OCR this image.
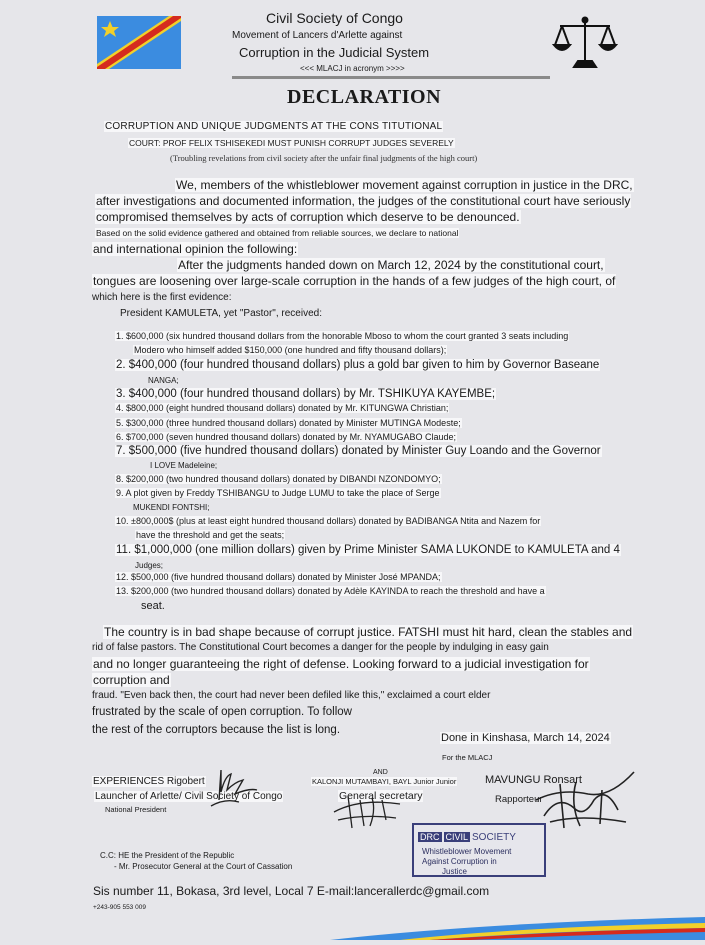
Civil Society of Congo
Movement of Lancers d'Arlette against
Corruption in the Judicial System
<<< MLACJ in acronym >>>>
DECLARATION
CORRUPTION AND UNIQUE JUDGMENTS AT THE CONS TITUTIONAL
COURT: PROF FELIX TSHISEKEDI MUST PUNISH CORRUPT JUDGES SEVERELY
(Troubling revelations from civil society after the unfair final judgments of the high court)
We, members of the whistleblower movement against corruption in justice in the DRC,
after investigations and documented information, the judges of the constitutional court have seriously
compromised themselves by acts of corruption which deserve to be denounced.
Based on the solid evidence gathered and obtained from reliable sources, we declare to national
and international opinion the following:
After the judgments handed down on March 12, 2024 by the constitutional court,
tongues are loosening over large-scale corruption in the hands of a few judges of the high court, of
which here is the first evidence:
President KAMULETA, yet "Pastor", received:
1. $600,000 (six hundred thousand dollars from the honorable Mboso to whom the court granted 3 seats including
Modero who himself added $150,000 (one hundred and fifty thousand dollars);
2. $400,000 (four hundred thousand dollars) plus a gold bar given to him by Governor Baseane
NANGA;
3. $400,000 (four hundred thousand dollars) by Mr. TSHIKUYA KAYEMBE;
4. $800,000 (eight hundred thousand dollars) donated by Mr. KITUNGWA Christian;
5. $300,000 (three hundred thousand dollars) donated by Minister MUTINGA Modeste;
6. $700,000 (seven hundred thousand dollars) donated by Mr. NYAMUGABO Claude;
7. $500,000 (five hundred thousand dollars) donated by Minister Guy Loando and the Governor
I LOVE Madeleine;
8. $200,000 (two hundred thousand dollars) donated by DIBANDI NZONDOMYO;
9. A plot given by Freddy TSHIBANGU to Judge LUMU to take the place of Serge
MUKENDI FONTSHI;
10. ±800,000$ (plus at least eight hundred thousand dollars) donated by BADIBANGA Ntita and Nazem for
have the threshold and get the seats;
11. $1,000,000 (one million dollars) given by Prime Minister SAMA LUKONDE to KAMULETA and 4
Judges;
12. $500,000 (five hundred thousand dollars) donated by Minister José MPANDA;
13. $200,000 (two hundred thousand dollars) donated by Adèle KAYINDA to reach the threshold and have a
seat.
The country is in bad shape because of corrupt justice. FATSHI must hit hard, clean the stables and
rid of false pastors. The Constitutional Court becomes a danger for the people by indulging in easy gain
and no longer guaranteeing the right of defense. Looking forward to a judicial investigation for
corruption and
fraud. "Even back then, the court had never been defiled like this," exclaimed a court elder
frustrated by the scale of open corruption. To follow
the rest of the corruptors because the list is long.
Done in Kinshasa, March 14, 2024
For the MLACJ
AND
EXPERIENCES Rigobert
Launcher of Arlette/ Civil Society of Congo
National President
KALONJI MUTAMBAYI, BAYL Junior Junior
General secretary
MAVUNGU Ronsart
Rapporteur
DRC CIVIL SOCIETY
Whistleblower Movement
Against Corruption in
Justice
C.C: HE the President of the Republic
- Mr. Prosecutor General at the Court of Cassation
Sis number 11, Bokasa, 3rd level, Local 7 E-mail:lancerallerdc@gmail.com
+243-905 553 009
